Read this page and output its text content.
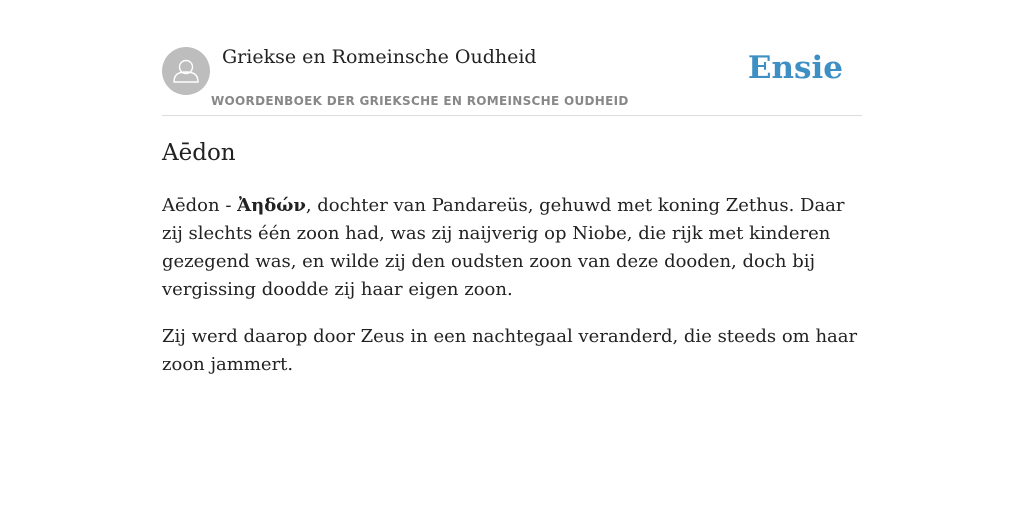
Griekse en Romeinsche Oudheid
WOORDENBOEK DER GRIEKSCHE EN ROMEINSCHE OUDHEID
Ensie
Aēdon

Aēdon - Ἀηδών, dochter van Pandareüs, gehuwd met koning Zethus. Daar zij slechts één zoon had, was zij naijverig op Niobe, die rijk met kinderen gezegend was, en wilde zij den oudsten zoon van deze dooden, doch bij vergissing doodde zij haar eigen zoon.

Zij werd daarop door Zeus in een nachtegaal veranderd, die steeds om haar zoon jammert.
